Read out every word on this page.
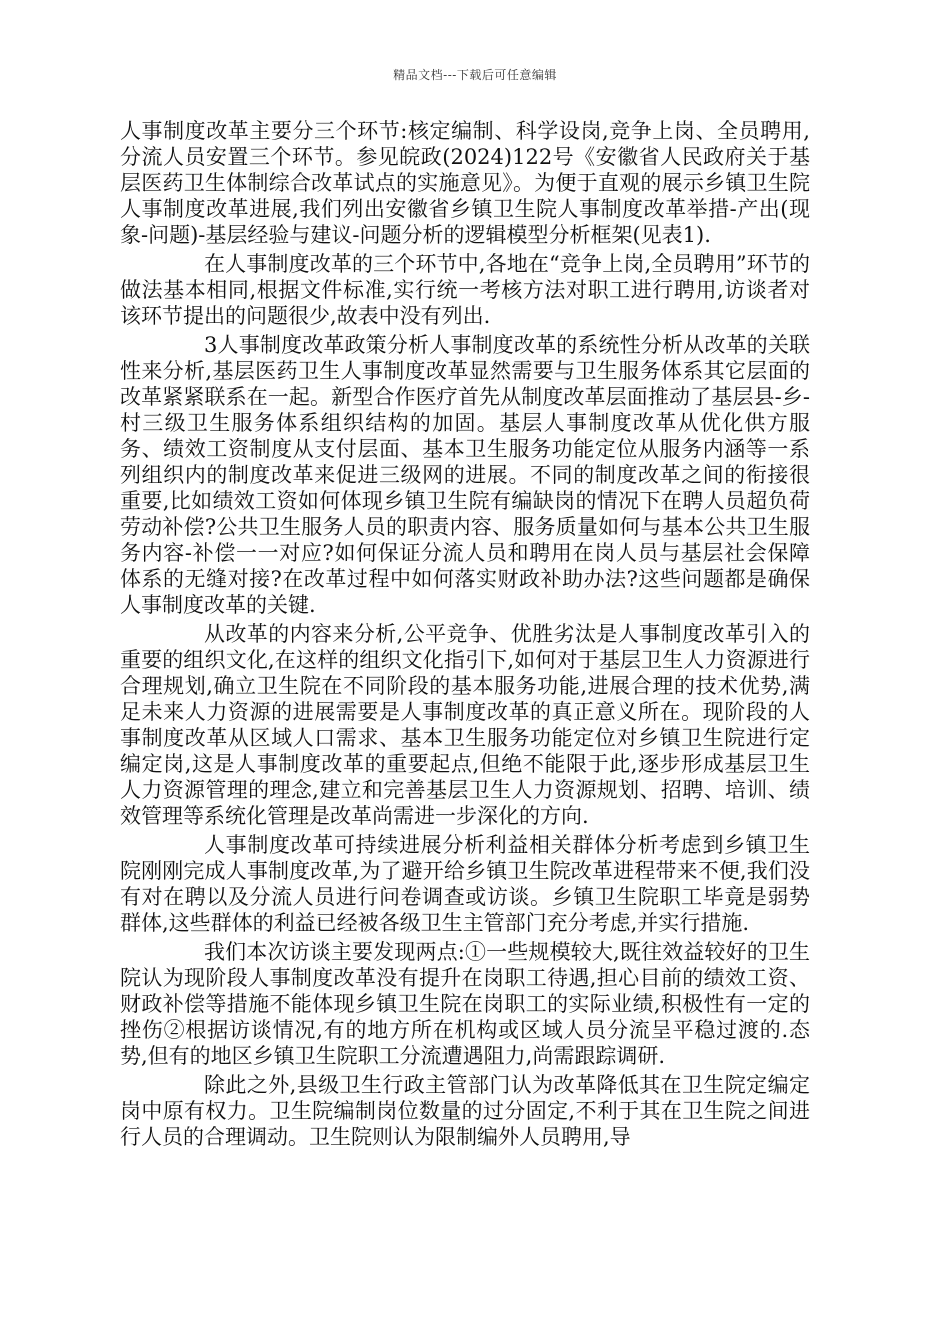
精品文档---下载后可任意编辑

人事制度改革主要分三个环节:核定编制、科学设岗,竞争上岗、全员聘用,分流人员安置三个环节。参见皖政(2024)122号《安徽省人民政府关于基层医药卫生体制综合改革试点的实施意见》。为便于直观的展示乡镇卫生院人事制度改革进展,我们列出安徽省乡镇卫生院人事制度改革举措-产出(现象-问题)-基层经验与建议-问题分析的逻辑模型分析框架(见表1).

在人事制度改革的三个环节中,各地在“竞争上岗,全员聘用”环节的做法基本相同,根据文件标准,实行统一考核方法对职工进行聘用,访谈者对该环节提出的问题很少,故表中没有列出.

3人事制度改革政策分析人事制度改革的系统性分析从改革的关联性来分析,基层医药卫生人事制度改革显然需要与卫生服务体系其它层面的改革紧紧联系在一起。新型合作医疗首先从制度改革层面推动了基层县-乡-村三级卫生服务体系组织结构的加固。基层人事制度改革从优化供方服务、绩效工资制度从支付层面、基本卫生服务功能定位从服务内涵等一系列组织内的制度改革来促进三级网的进展。不同的制度改革之间的衔接很重要,比如绩效工资如何体现乡镇卫生院有编缺岗的情况下在聘人员超负荷劳动补偿?公共卫生服务人员的职责内容、服务质量如何与基本公共卫生服务内容-补偿一一对应?如何保证分流人员和聘用在岗人员与基层社会保障体系的无缝对接?在改革过程中如何落实财政补助办法?这些问题都是确保人事制度改革的关键.

从改革的内容来分析,公平竞争、优胜劣汰是人事制度改革引入的重要的组织文化,在这样的组织文化指引下,如何对于基层卫生人力资源进行合理规划,确立卫生院在不同阶段的基本服务功能,进展合理的技术优势,满足未来人力资源的进展需要是人事制度改革的真正意义所在。现阶段的人事制度改革从区域人口需求、基本卫生服务功能定位对乡镇卫生院进行定编定岗,这是人事制度改革的重要起点,但绝不能限于此,逐步形成基层卫生人力资源管理的理念,建立和完善基层卫生人力资源规划、招聘、培训、绩效管理等系统化管理是改革尚需进一步深化的方向.

人事制度改革可持续进展分析利益相关群体分析考虑到乡镇卫生院刚刚完成人事制度改革,为了避开给乡镇卫生院改革进程带来不便,我们没有对在聘以及分流人员进行问卷调查或访谈。乡镇卫生院职工毕竟是弱势群体,这些群体的利益已经被各级卫生主管部门充分考虑,并实行措施.

我们本次访谈主要发现两点:①一些规模较大,既往效益较好的卫生院认为现阶段人事制度改革没有提升在岗职工待遇,担心目前的绩效工资、财政补偿等措施不能体现乡镇卫生院在岗职工的实际业绩,积极性有一定的挫伤②根据访谈情况,有的地方所在机构或区域人员分流呈平稳过渡的.态势,但有的地区乡镇卫生院职工分流遭遇阻力,尚需跟踪调研.

除此之外,县级卫生行政主管部门认为改革降低其在卫生院定编定岗中原有权力。卫生院编制岗位数量的过分固定,不利于其在卫生院之间进行人员的合理调动。卫生院则认为限制编外人员聘用,导
